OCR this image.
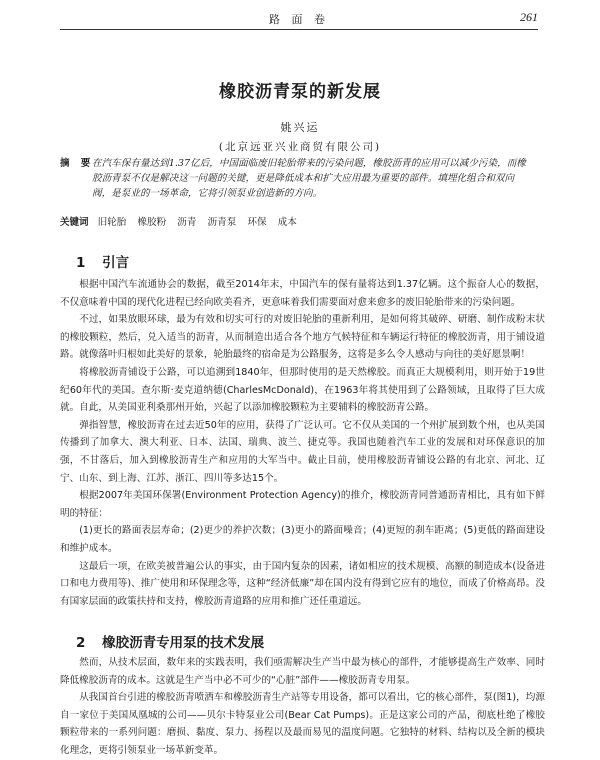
路 面 卷	261
橡胶沥青泵的新发展
姚兴运
(北京远亚兴业商贸有限公司)
摘 要
在汽车保有量达到1.37亿后，中国面临废旧轮胎带来的污染问题，橡胶沥青的应用可以减少污染，而橡胶沥青泵不仅是解决这一问题的关键，更是降低成本和扩大应用最为重要的部件。填埋化组合和双向阀，是泵业的一场革命，它将引领泵业创造新的方向。
关键词 旧轮胎 橡胶粉 沥青 沥青泵 环保 成本
1 引言

根据中国汽车流通协会的数据，截至2014年末，中国汽车的保有量将达到1.37亿辆。这个振奋人心的数据，不仅意味着中国的现代化进程已经向欧美看齐，更意味着我们需要面对愈来愈多的废旧轮胎带来的污染问题。

不过，如果放眼环球，最为有效和切实可行的对废旧轮胎的重新利用，是如何将其破碎、研磨、制作成粉末状的橡胶颗粒，然后，兑入适当的沥青，从而制造出适合各个地方气候特征和车辆运行特征的橡胶沥青，用于铺设道路。就像落叶归根如此美好的景象，轮胎最终的宿命是为公路服务，这将是多么令人感动与向往的美好愿景啊！

将橡胶沥青铺设于公路，可以追溯到1840年，但那时使用的是天然橡胶。而真正大规模利用，则开始于19世纪60年代的美国。查尔斯·麦克道纳德(CharlesMcDonald)，在1963年将其使用到了公路领域，且取得了巨大成就。自此，从美国亚利桑那州开始，兴起了以添加橡胶颗粒为主要辅料的橡胶沥青公路。

弹指智慧，橡胶沥青在过去近50年的应用，获得了广泛认可。它不仅从美国的一个州扩展到数个州，也从美国传播到了加拿大、澳大利亚、日本、法国、瑞典、波兰、捷克等。我国也随着汽车工业的发展和对环保意识的加强，不甘落后，加入到橡胶沥青生产和应用的大军当中。截止目前，使用橡胶沥青铺设公路的有北京、河北、辽宁、山东、到上海、江苏、浙江、四川等多达15个。

根据2007年美国环保署(Environment Protection Agency)的推介，橡胶沥青同普通沥青相比，具有如下鲜明的特征：

(1)更长的路面表层寿命；(2)更少的养护次数；(3)更小的路面噪音；(4)更短的刹车距离；(5)更低的路面建设和维护成本。

这最后一项，在欧美被普遍公认的事实，由于国内复杂的因素，诸如相应的技术规模、高额的制造成本(设备进口和电力费用等)、推广使用和环保理念等，这种“经济低廉”却在国内没有得到它应有的地位，而成了价格高昂。没有国家层面的政策扶持和支持，橡胶沥青道路的应用和推广还任重道远。

2 橡胶沥青专用泵的技术发展

然而，从技术层面，数年来的实践表明，我们亟需解决生产当中最为核心的部件，才能够提高生产效率、同时降低橡胶沥青的成本。这就是生产当中必不可少的“心脏”部件——橡胶沥青专用泵。

从我国首台引进的橡胶沥青喷洒车和橡胶沥青生产站等专用设备，都可以看出，它的核心部件，泵(图1)，均源自一家位于美国凤凰城的公司——贝尔卡特泵业公司(Bear Cat Pumps)。正是这家公司的产品，彻底杜绝了橡胶颗粒带来的一系列问题：磨损、黏度、泵力、扬程以及最而易见的温度问题。它独特的材料、结构以及全新的模块化理念，更将引领泵业一场革新变革。
